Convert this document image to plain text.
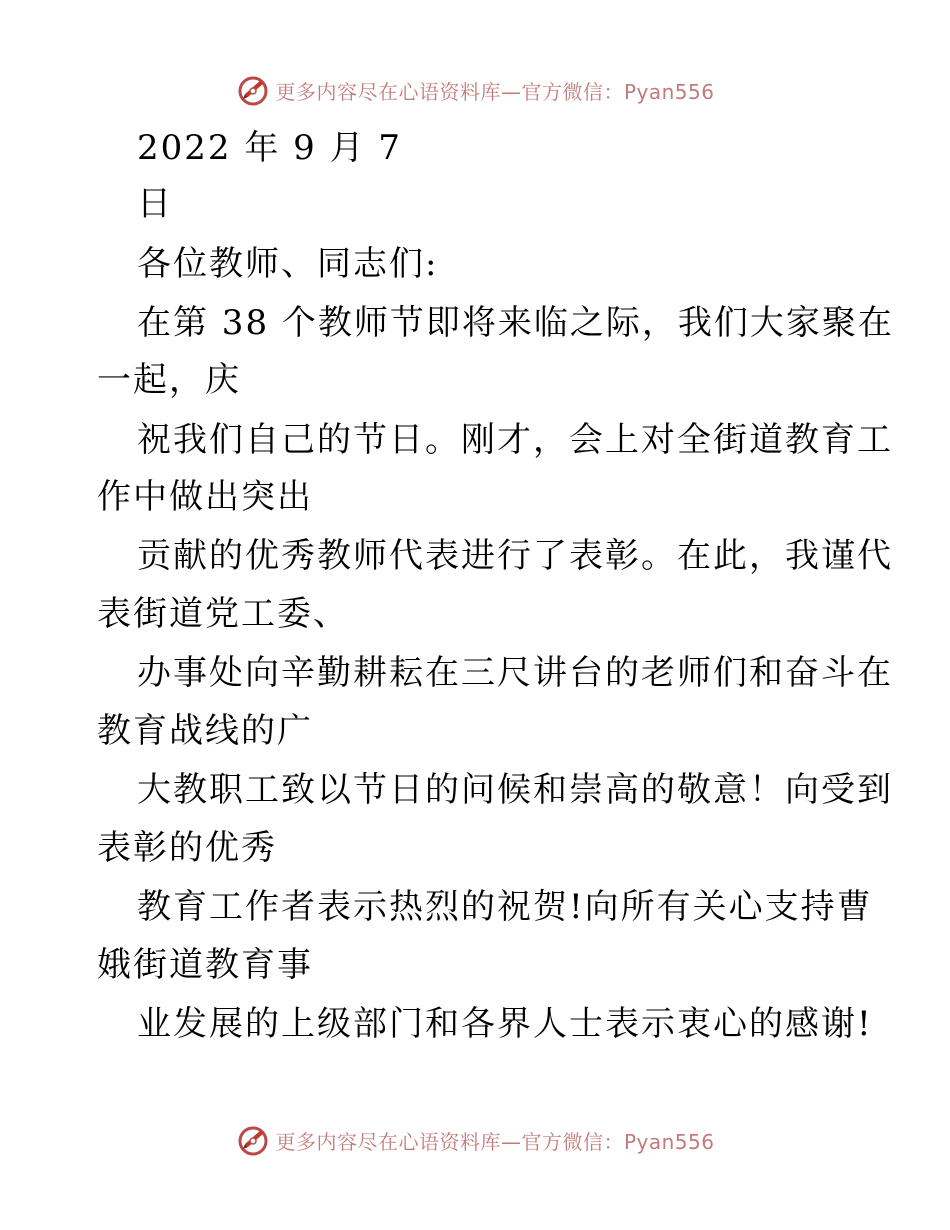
更多内容尽在心语资料库—官方微信：Pyan556
2022 年 9 月 7
日
各位教师、同志们:
在第 38 个教师节即将来临之际，我们大家聚在
一起，庆
祝我们自己的节日。刚才，会上对全街道教育工
作中做出突出
贡献的优秀教师代表进行了表彰。在此，我谨代
表街道党工委、
办事处向辛勤耕耘在三尺讲台的老师们和奋斗在
教育战线的广
大教职工致以节日的问候和崇高的敬意！向受到
表彰的优秀
教育工作者表示热烈的祝贺!向所有关心支持曹
娥街道教育事
业发展的上级部门和各界人士表示衷心的感谢!
更多内容尽在心语资料库—官方微信：Pyan556
